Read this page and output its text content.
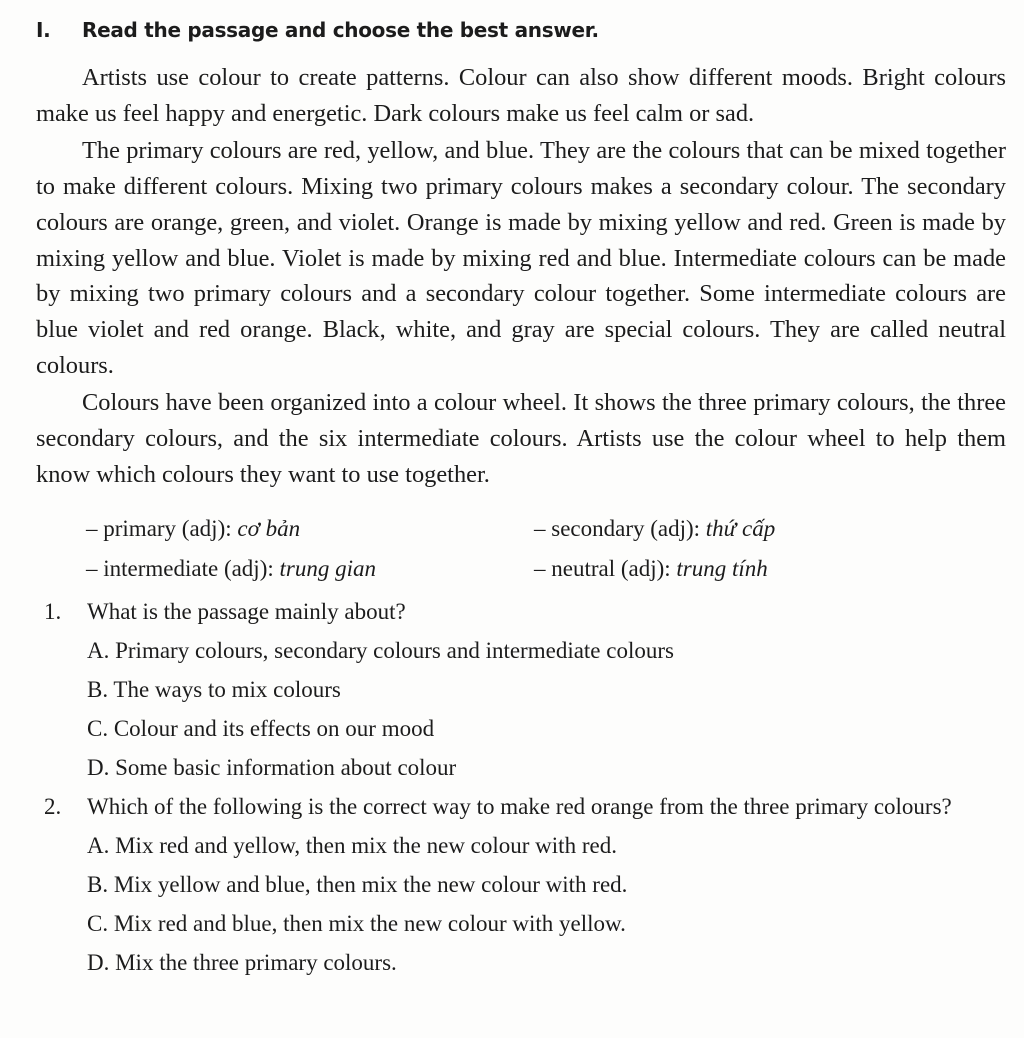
I. Read the passage and choose the best answer.

Artists use colour to create patterns. Colour can also show different moods. Bright colours make us feel happy and energetic. Dark colours make us feel calm or sad.

The primary colours are red, yellow, and blue. They are the colours that can be mixed together to make different colours. Mixing two primary colours makes a secondary colour. The secondary colours are orange, green, and violet. Orange is made by mixing yellow and red. Green is made by mixing yellow and blue. Violet is made by mixing red and blue. Intermediate colours can be made by mixing two primary colours and a secondary colour together. Some intermediate colours are blue violet and red orange. Black, white, and gray are special colours. They are called neutral colours.

Colours have been organized into a colour wheel. It shows the three primary colours, the three secondary colours, and the six intermediate colours. Artists use the colour wheel to help them know which colours they want to use together.

– primary (adj): cơ bản	– secondary (adj): thứ cấp
– intermediate (adj): trung gian	– neutral (adj): trung tính
1. What is the passage mainly about?
A. Primary colours, secondary colours and intermediate colours
B. The ways to mix colours
C. Colour and its effects on our mood
D. Some basic information about colour
2. Which of the following is the correct way to make red orange from the three primary colours?
A. Mix red and yellow, then mix the new colour with red.
B. Mix yellow and blue, then mix the new colour with red.
C. Mix red and blue, then mix the new colour with yellow.
D. Mix the three primary colours.
